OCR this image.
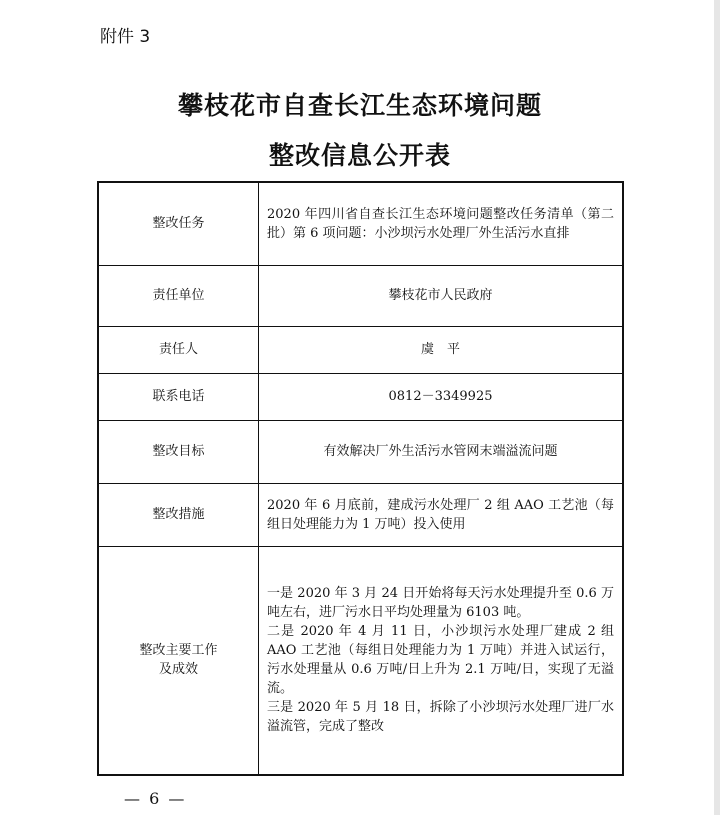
附件 3
攀枝花市自查长江生态环境问题
整改信息公开表
整改任务	2020 年四川省自查长江生态环境问题整改任务清单（第二批）第 6 项问题：小沙坝污水处理厂外生活污水直排
责任单位	攀枝花市人民政府
责任人	虞　平
联系电话	0812－3349925
整改目标	有效解决厂外生活污水管网末端溢流问题
整改措施	2020 年 6 月底前，建成污水处理厂 2 组 AAO 工艺池（每组日处理能力为 1 万吨）投入使用

整改主要工作
及成效	一是 2020 年 3 月 24 日开始将每天污水处理提升至 0.6 万吨左右，进厂污水日平均处理量为 6103 吨。
二是 2020 年 4 月 11 日，小沙坝污水处理厂建成 2 组 AAO 工艺池（每组日处理能力为 1 万吨）并进入试运行，污水处理量从 0.6 万吨/日上升为 2.1 万吨/日，实现了无溢流。
三是 2020 年 5 月 18 日，拆除了小沙坝污水处理厂进厂水溢流管，完成了整改
— 6 —
